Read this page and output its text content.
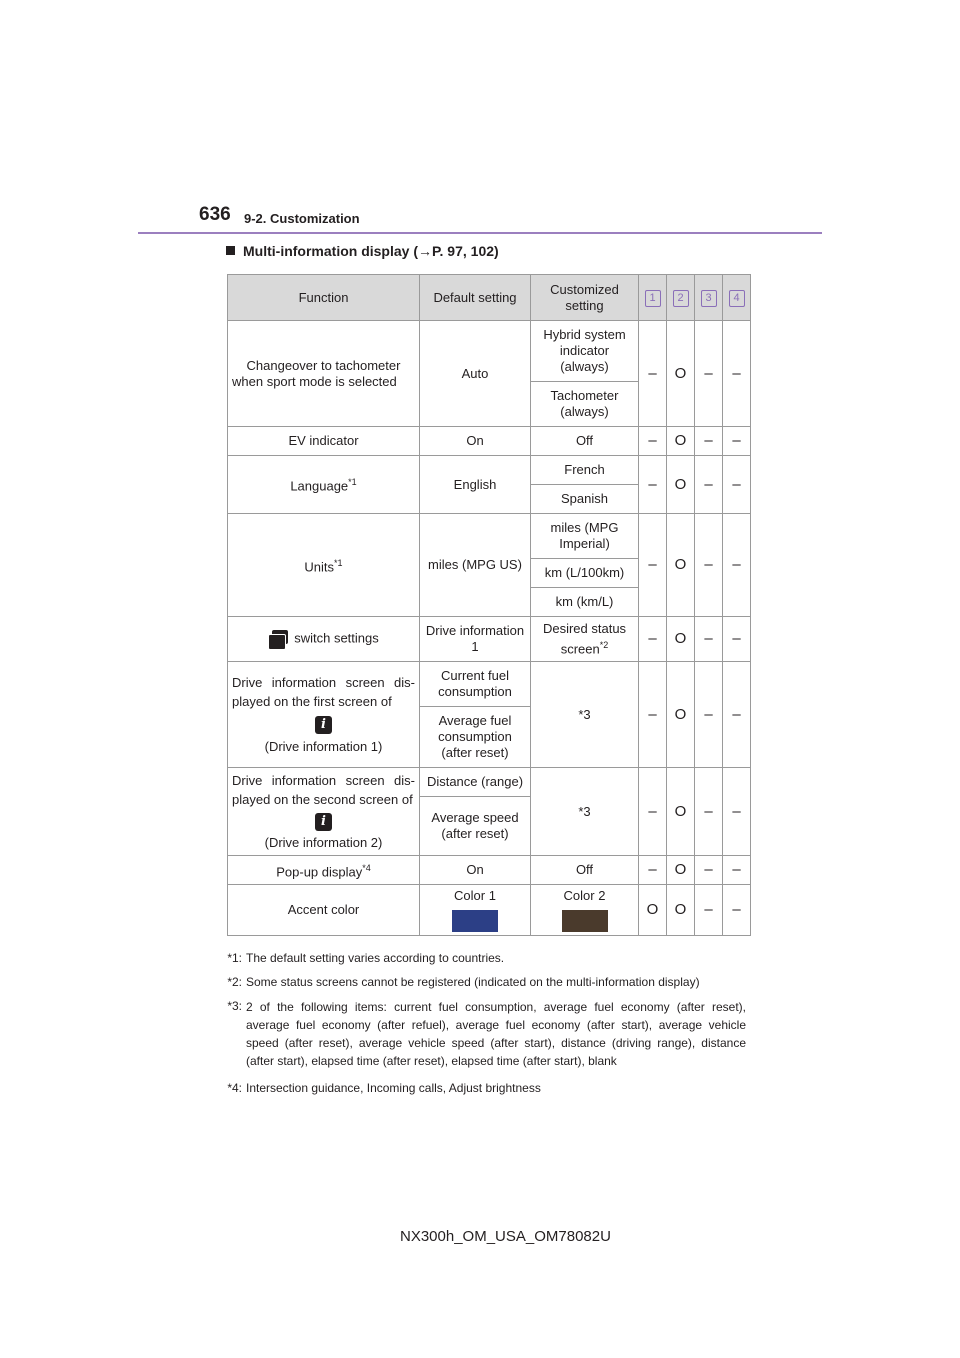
636 9-2. Customization
Multi-information display (→P. 97, 102)
Function	Default setting	Customized setting	1	2	3	4
Changeover to tachometer when sport mode is selected	Auto	Hybrid system indicator (always)	–	O	–	–
		Tachometer (always)				
EV indicator	On	Off	–	O	–	–
Language$^{*1}$	English	French	–	O	–	–
		Spanish				
Units$^{*1}$	miles (MPG US)	miles (MPG Imperial)	–	O	–	–
		km (L/100km)				
		km (km/L)				

switch settings	Drive information 1	Desired status screen$^{*2}$	–	O	–	–

Drive information screen dis-played on the first screen of
i
(Drive information 1)	Current fuel consumption	*3	–	O	–	–
	Average fuel consumption (after reset)					

Drive information screen dis-played on the second screen of
i
(Drive information 2)	Distance (range)	*3	–	O	–	–
	Average speed (after reset)					
Pop-up display$^{*4}$	On	Off	–	O	–	–
Accent color	Color 1	Color 2	O	O	–	–
*1: The default setting varies according to countries.
*2: Some status screens cannot be registered (indicated on the multi-information display)
*3: 2 of the following items: current fuel consumption, average fuel economy (after reset), average fuel economy (after refuel), average fuel economy (after start), average vehicle speed (after reset), average vehicle speed (after start), distance (driving range), distance (after start), elapsed time (after reset), elapsed time (after start), blank
*4: Intersection guidance, Incoming calls, Adjust brightness
NX300h_OM_USA_OM78082U
